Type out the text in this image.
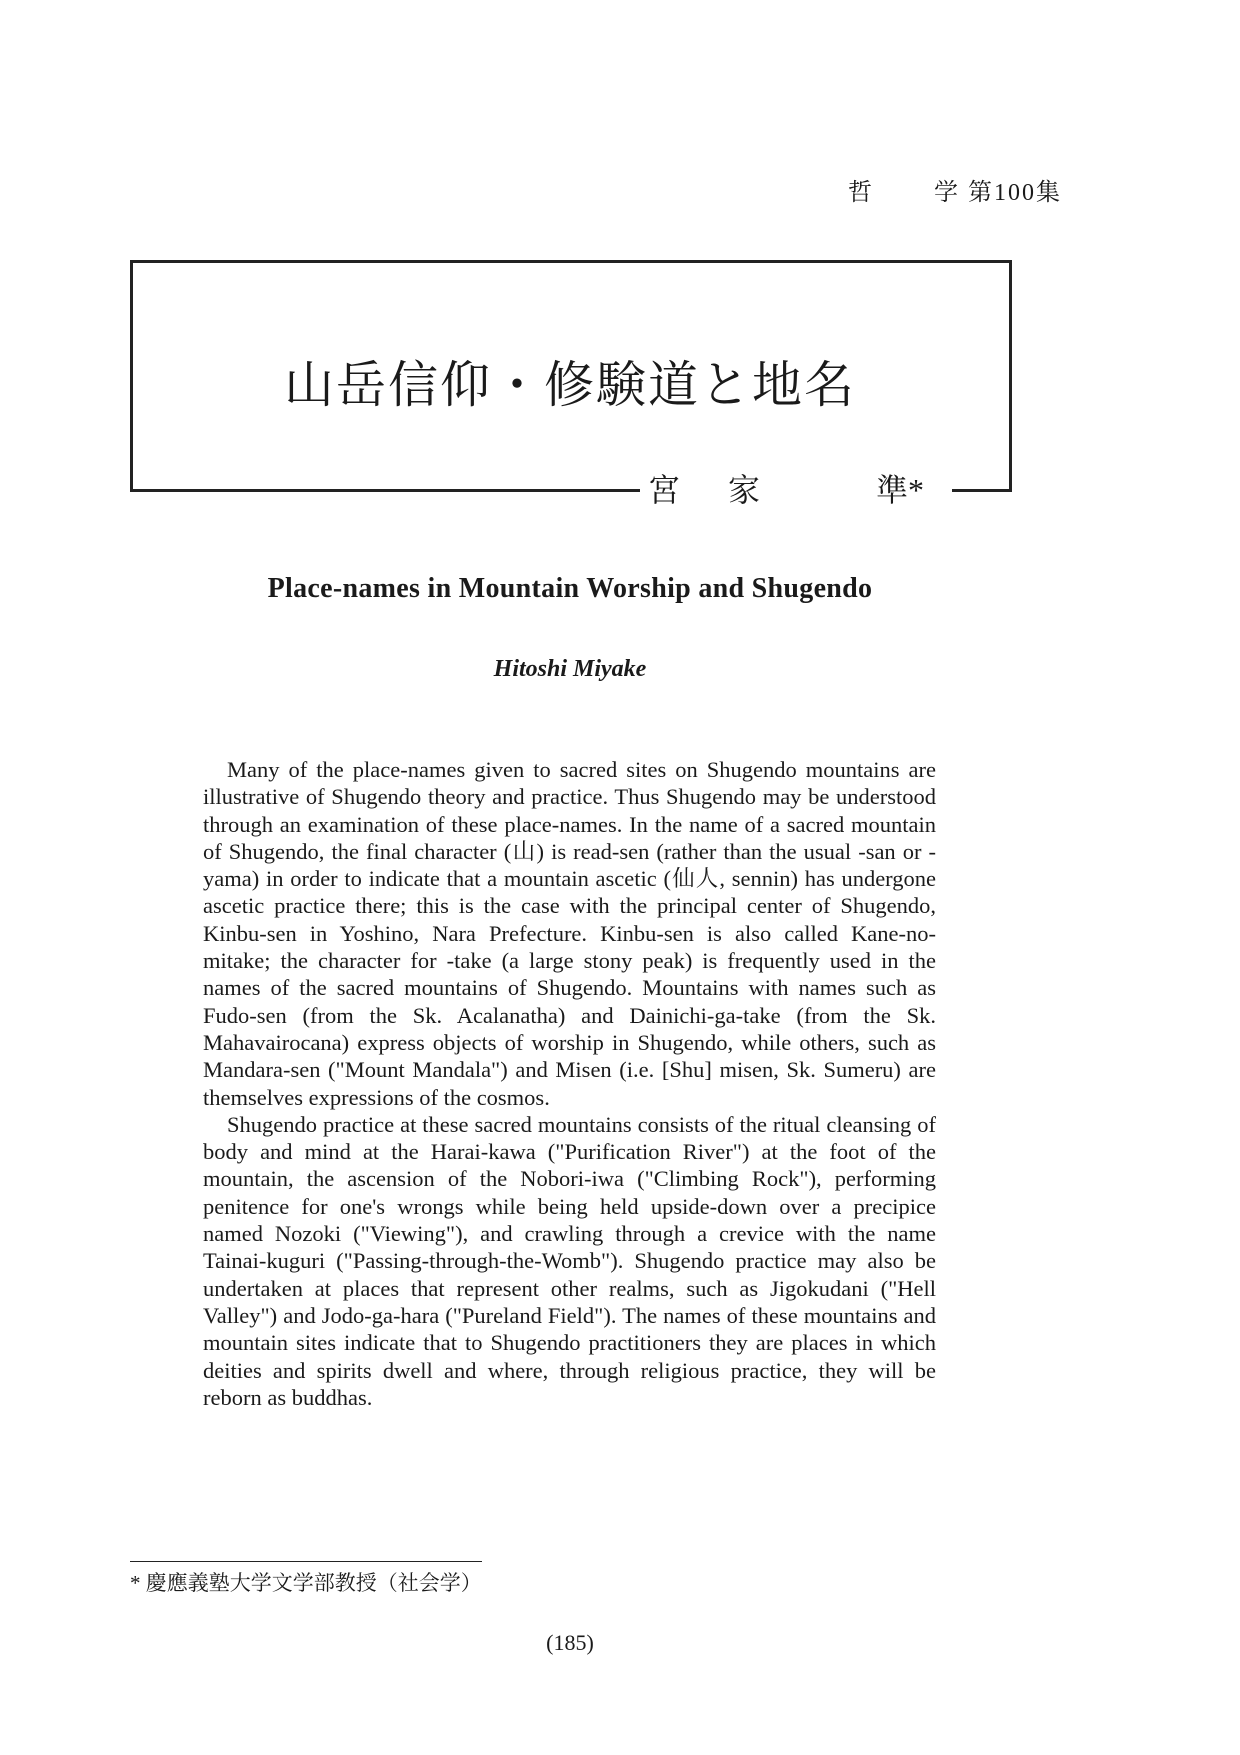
哲	学 第100集
山岳信仰・修験道と地名
宮 家	準*
Place-names in Mountain Worship and Shugendo
Hitoshi Miyake

Many of the place-names given to sacred sites on Shugendo mountains are illustrative of Shugendo theory and practice. Thus Shugendo may be understood through an examination of these place-names. In the name of a sacred mountain of Shugendo, the final character (山) is read-sen (rather than the usual -san or -yama) in order to indicate that a mountain ascetic (仙人, sennin) has undergone ascetic practice there; this is the case with the principal center of Shugendo, Kinbu-sen in Yoshino, Nara Prefecture. Kinbu-sen is also called Kane-no-mitake; the character for -take (a large stony peak) is frequently used in the names of the sacred mountains of Shugendo. Mountains with names such as Fudo-sen (from the Sk. Acalanatha) and Dainichi-ga-take (from the Sk. Mahavairocana) express objects of worship in Shugendo, while others, such as Mandara-sen ("Mount Mandala") and Misen (i.e. [Shu] misen, Sk. Sumeru) are themselves expressions of the cosmos.

Shugendo practice at these sacred mountains consists of the ritual cleansing of body and mind at the Harai-kawa ("Purification River") at the foot of the mountain, the ascension of the Nobori-iwa ("Climbing Rock"), performing penitence for one's wrongs while being held upside-down over a precipice named Nozoki ("Viewing"), and crawling through a crevice with the name Tainai-kuguri ("Passing-through-the-Womb"). Shugendo practice may also be undertaken at places that represent other realms, such as Jigokudani ("Hell Valley") and Jodo-ga-hara ("Pureland Field"). The names of these mountains and mountain sites indicate that to Shugendo practitioners they are places in which deities and spirits dwell and where, through religious practice, they will be reborn as buddhas.

* 慶應義塾大学文学部教授（社会学）
(185)
